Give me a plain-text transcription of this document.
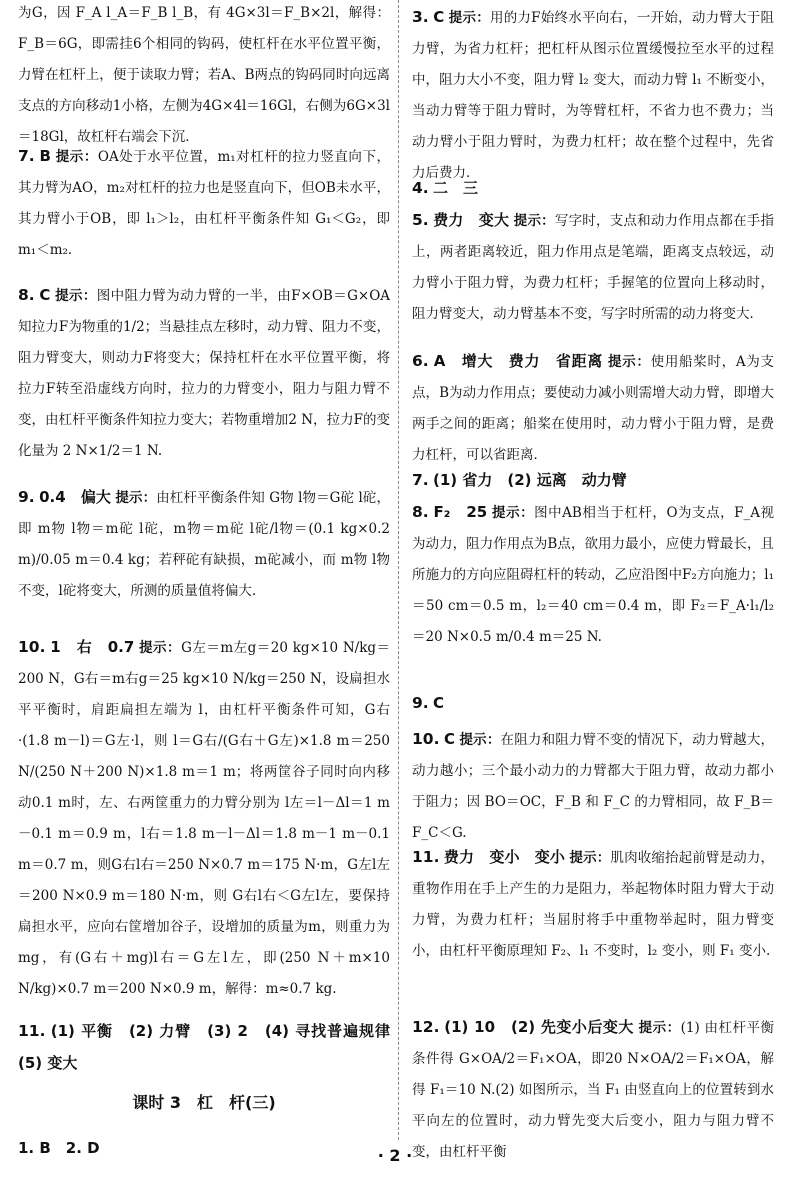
为G，因 F_A l_A＝F_B l_B，有 4G×3l＝F_B×2l，解得：F_B＝6G，即需挂6个相同的钩码，使杠杆在水平位置平衡，力臂在杠杆上，便于读取力臂；若A、B两点的钩码同时向远离支点的方向移动1小格，左侧为4G×4l＝16Gl，右侧为6G×3l＝18Gl，故杠杆右端会下沉．
7. B 提示：OA处于水平位置，m₁对杠杆的拉力竖直向下，其力臂为AO，m₂对杠杆的拉力也是竖直向下，但OB未水平，其力臂小于OB，即 l₁＞l₂，由杠杆平衡条件知 G₁＜G₂，即 m₁＜m₂．
8. C 提示：图中阻力臂为动力臂的一半，由F×OB＝G×OA 知拉力F为物重的1/2；当悬挂点左移时，动力臂、阻力不变，阻力臂变大，则动力F将变大；保持杠杆在水平位置平衡，将拉力F转至沿虚线方向时，拉力的力臂变小，阻力与阻力臂不变，由杠杆平衡条件知拉力变大；若物重增加2 N，拉力F的变化量为 2 N×1/2＝1 N.
9. 0.4　偏大 提示：由杠杆平衡条件知 G物 l物＝G砣 l砣，即 m物 l物＝m砣 l砣，m物＝m砣 l砣/l物＝(0.1 kg×0.2 m)/0.05 m＝0.4 kg；若秤砣有缺损，m砣减小，而 m物 l物不变，l砣将变大，所测的质量值将偏大.
10. 1　右　0.7 提示：G左＝m左g＝20 kg×10 N/kg＝200 N，G右＝m右g＝25 kg×10 N/kg＝250 N，设扁担水平平衡时，肩距扁担左端为 l，由杠杆平衡条件可知，G右·(1.8 m－l)＝G左·l，则 l＝G右/(G右＋G左)×1.8 m＝250 N/(250 N＋200 N)×1.8 m＝1 m；将两筐谷子同时向内移动0.1 m时，左、右两筐重力的力臂分别为 l左＝l－Δl＝1 m－0.1 m＝0.9 m，l右＝1.8 m－l－Δl＝1.8 m－1 m－0.1 m＝0.7 m，则G右l右＝250 N×0.7 m＝175 N·m，G左l左＝200 N×0.9 m＝180 N·m，则 G右l右＜G左l左，要保持扁担水平，应向右筐增加谷子，设增加的质量为m，则重力为mg，有(G右＋mg)l右＝G左l左，即(250 N＋m×10 N/kg)×0.7 m＝200 N×0.9 m，解得：m≈0.7 kg.
11. (1) 平衡　(2) 力臂　(3) 2　(4) 寻找普遍规律　(5) 变大
课时 3　杠　杆(三)
1. B　2. D
3. C 提示：用的力F始终水平向右，一开始，动力臂大于阻力臂，为省力杠杆；把杠杆从图示位置缓慢拉至水平的过程中，阻力大小不变，阻力臂 l₂ 变大，而动力臂 l₁ 不断变小，当动力臂等于阻力臂时，为等臂杠杆，不省力也不费力；当动力臂小于阻力臂时，为费力杠杆；故在整个过程中，先省力后费力．
4. 二　三
5. 费力　变大 提示：写字时，支点和动力作用点都在手指上，两者距离较近，阻力作用点是笔端，距离支点较远，动力臂小于阻力臂，为费力杠杆；手握笔的位置向上移动时，阻力臂变大，动力臂基本不变，写字时所需的动力将变大．
6. A　增大　费力　省距离 提示：使用船桨时，A为支点，B为动力作用点；要使动力减小则需增大动力臂，即增大两手之间的距离；船桨在使用时，动力臂小于阻力臂，是费力杠杆，可以省距离．
7. (1) 省力　(2) 远离　动力臂
8. F₂　25 提示：图中AB相当于杠杆，O为支点，F_A视为动力，阻力作用点为B点，欲用力最小，应使力臂最长，且所施力的方向应阻碍杠杆的转动，乙应沿图中F₂方向施力；l₁＝50 cm＝0.5 m，l₂＝40 cm＝0.4 m，即 F₂＝F_A·l₁/l₂＝20 N×0.5 m/0.4 m＝25 N.
9. C
10. C 提示：在阻力和阻力臂不变的情况下，动力臂越大，动力越小；三个最小动力的力臂都大于阻力臂，故动力都小于阻力；因 BO＝OC，F_B 和 F_C 的力臂相同，故 F_B＝F_C＜G.
11. 费力　变小　变小 提示：肌肉收缩抬起前臂是动力，重物作用在手上产生的力是阻力，举起物体时阻力臂大于动力臂，为费力杠杆；当屈肘将手中重物举起时，阻力臂变小，由杠杆平衡原理知 F₂、l₁ 不变时，l₂ 变小，则 F₁ 变小.
12. (1) 10　(2) 先变小后变大 提示：(1) 由杠杆平衡条件得 G×OA/2＝F₁×OA，即20 N×OA/2＝F₁×OA，解得 F₁＝10 N.(2) 如图所示，当 F₁ 由竖直向上的位置转到水平向左的位置时，动力臂先变大后变小，阻力与阻力臂不变，由杠杆平衡
· 2 ·
